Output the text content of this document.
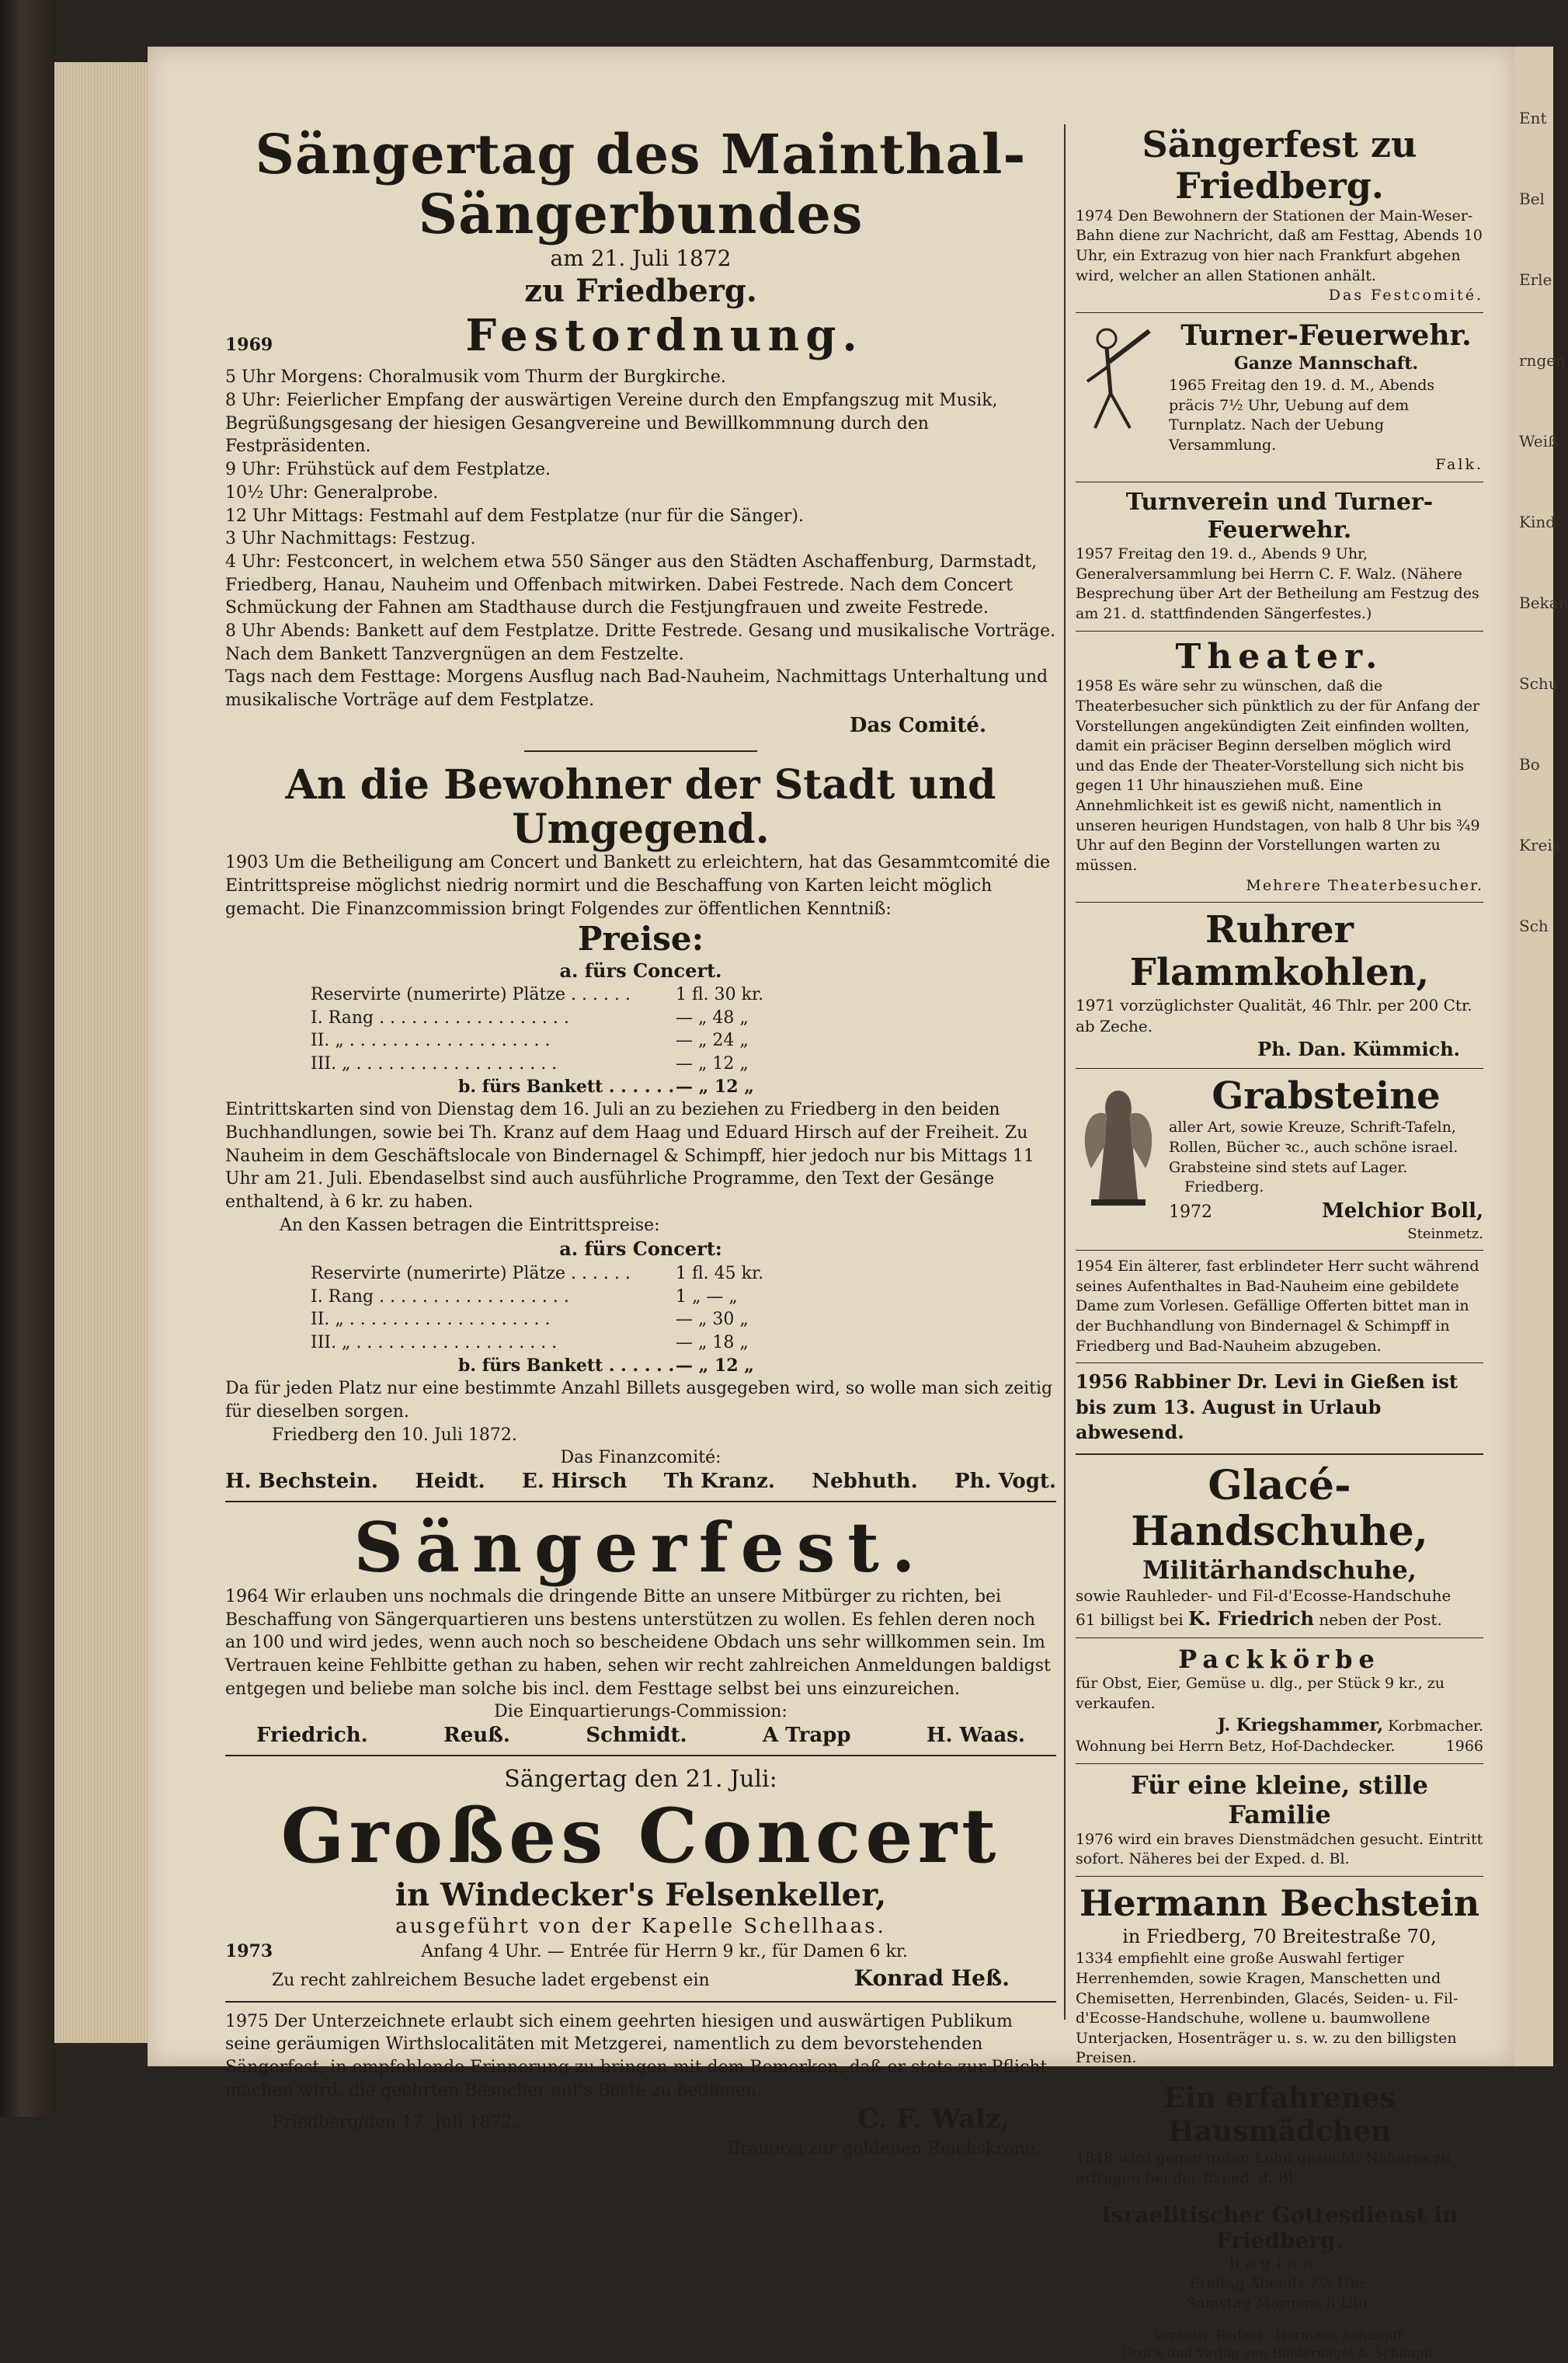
Sängertag des Mainthal-Sängerbundes
am 21. Juli 1872
zu Friedberg.
1969	Festordnung.

5 Uhr Morgens: Choralmusik vom Thurm der Burgkirche.

8 Uhr: Feierlicher Empfang der auswärtigen Vereine durch den Empfangszug mit Musik, Begrüßungsgesang der hiesigen Gesangvereine und Bewillkommnung durch den Festpräsidenten.

9 Uhr: Frühstück auf dem Festplatze.

10½ Uhr: Generalprobe.

12 Uhr Mittags: Festmahl auf dem Festplatze (nur für die Sänger).

3 Uhr Nachmittags: Festzug.

4 Uhr: Festconcert, in welchem etwa 550 Sänger aus den Städten Aschaffenburg, Darmstadt, Friedberg, Hanau, Nauheim und Offenbach mitwirken. Dabei Festrede. Nach dem Concert Schmückung der Fahnen am Stadthause durch die Festjungfrauen und zweite Festrede.

8 Uhr Abends: Bankett auf dem Festplatze. Dritte Festrede. Gesang und musikalische Vorträge. Nach dem Bankett Tanzvergnügen an dem Festzelte.

Tags nach dem Festtage: Morgens Ausflug nach Bad-Nauheim, Nachmittags Unterhaltung und musikalische Vorträge auf dem Festplatze.

Das Comité.
An die Bewohner der Stadt und Umgegend.

1903 Um die Betheiligung am Concert und Bankett zu erleichtern, hat das Gesammtcomité die Eintrittspreise möglichst niedrig normirt und die Beschaffung von Karten leicht möglich gemacht. Die Finanzcommission bringt Folgendes zur öffentlichen Kenntniß:

Preise:
a. fürs Concert.
Reservirte (numerirte) Plätze . . . . . .	1 fl. 30 kr.
I. Rang . . . . . . . . . . . . . . . . . .	— „ 48 „
II. „ . . . . . . . . . . . . . . . . . . .	— „ 24 „
III. „ . . . . . . . . . . . . . . . . . . .	— „ 12 „
b. fürs Bankett . . . . . . — „ 12 „

Eintrittskarten sind von Dienstag dem 16. Juli an zu beziehen zu Friedberg in den beiden Buchhandlungen, sowie bei Th. Kranz auf dem Haag und Eduard Hirsch auf der Freiheit. Zu Nauheim in dem Geschäftslocale von Bindernagel & Schimpff, hier jedoch nur bis Mittags 11 Uhr am 21. Juli. Ebendaselbst sind auch ausführliche Programme, den Text der Gesänge enthaltend, à 6 kr. zu haben.

An den Kassen betragen die Eintrittspreise:

a. fürs Concert:
Reservirte (numerirte) Plätze . . . . . .	1 fl. 45 kr.
I. Rang . . . . . . . . . . . . . . . . . .	1 „ — „
II. „ . . . . . . . . . . . . . . . . . . .	— „ 30 „
III. „ . . . . . . . . . . . . . . . . . . .	— „ 18 „
b. fürs Bankett . . . . . . — „ 12 „

Da für jeden Platz nur eine bestimmte Anzahl Billets ausgegeben wird, so wolle man sich zeitig für dieselben sorgen.

Friedberg den 10. Juli 1872.

Das Finanzcomité:
H. Bechstein. Heidt. E. Hirsch Th Kranz. Nebhuth. Ph. Vogt.
Sängerfest.

1964 Wir erlauben uns nochmals die dringende Bitte an unsere Mitbürger zu richten, bei Beschaffung von Sängerquartieren uns bestens unterstützen zu wollen. Es fehlen deren noch an 100 und wird jedes, wenn auch noch so bescheidene Obdach uns sehr willkommen sein. Im Vertrauen keine Fehlbitte gethan zu haben, sehen wir recht zahlreichen Anmeldungen baldigst entgegen und beliebe man solche bis incl. dem Festtage selbst bei uns einzureichen.

Die Einquartierungs-Commission:
Friedrich.	Reuß.	Schmidt.	A Trapp	H. Waas.
Sängertag den 21. Juli:
Großes Concert
in Windecker's Felsenkeller,
ausgeführt von der Kapelle Schellhaas.
1973	Anfang 4 Uhr. — Entrée für Herrn 9 kr., für Damen 6 kr.
Zu recht zahlreichem Besuche ladet ergebenst ein	Konrad Heß.

1975 Der Unterzeichnete erlaubt sich einem geehrten hiesigen und auswärtigen Publikum seine geräumigen Wirthslocalitäten mit Metzgerei, namentlich zu dem bevorstehenden Sängerfest, in empfehlende Erinnerung zu bringen mit dem Bemerken, daß er stets zur Pflicht machen wird, die geehrten Besucher auf's Beste zu bedienen.

Friedberg/den 17. Juli 1872.	C. F. Walz,
Brauerei zur goldenen Reichskrone.
Sängerfest zu Friedberg.

1974 Den Bewohnern der Stationen der Main-Weser-Bahn diene zur Nachricht, daß am Festtag, Abends 10 Uhr, ein Extrazug von hier nach Frankfurt abgehen wird, welcher an allen Stationen anhält.

Das Festcomité.
Turner-Feuerwehr.
Ganze Mannschaft.

1965 Freitag den 19. d. M., Abends präcis 7½ Uhr, Uebung auf dem Turnplatz. Nach der Uebung Versammlung.

Falk.
Turnverein und Turner-Feuerwehr.

1957 Freitag den 19. d., Abends 9 Uhr, Generalversammlung bei Herrn C. F. Walz. (Nähere Besprechung über Art der Betheilung am Festzug des am 21. d. stattfindenden Sängerfestes.)

Theater.

1958 Es wäre sehr zu wünschen, daß die Theaterbesucher sich pünktlich zu der für Anfang der Vorstellungen angekündigten Zeit einfinden wollten, damit ein präciser Beginn derselben möglich wird und das Ende der Theater-Vorstellung sich nicht bis gegen 11 Uhr hinausziehen muß. Eine Annehmlichkeit ist es gewiß nicht, namentlich in unseren heurigen Hundstagen, von halb 8 Uhr bis ¾9 Uhr auf den Beginn der Vorstellungen warten zu müssen.

Mehrere Theaterbesucher.
Ruhrer Flammkohlen,

1971 vorzüglichster Qualität, 46 Thlr. per 200 Ctr. ab Zeche.

Ph. Dan. Kümmich.
Grabsteine

aller Art, sowie Kreuze, Schrift-Tafeln, Rollen, Bücher ꝛc., auch schöne israel. Grabsteine sind stets auf Lager.

Friedberg.

1972	Melchior Boll,
Steinmetz.

1954 Ein älterer, fast erblindeter Herr sucht während seines Aufenthaltes in Bad-Nauheim eine gebildete Dame zum Vorlesen. Gefällige Offerten bittet man in der Buchhandlung von Bindernagel & Schimpff in Friedberg und Bad-Nauheim abzugeben.

1956 Rabbiner Dr. Levi in Gießen ist bis zum 13. August in Urlaub abwesend.

Glacé-Handschuhe,
Militärhandschuhe,

sowie Rauhleder- und Fil-d'Ecosse-Handschuhe

61 billigst bei K. Friedrich neben der Post.
Packkörbe

für Obst, Eier, Gemüse u. dlg., per Stück 9 kr., zu verkaufen.

J. Kriegshammer, Korbmacher.
Wohnung bei Herrn Betz, Hof-Dachdecker.	1966
Für eine kleine, stille Familie

1976 wird ein braves Dienstmädchen gesucht. Eintritt sofort. Näheres bei der Exped. d. Bl.

Hermann Bechstein
in Friedberg, 70 Breitestraße 70,

1334 empfiehlt eine große Auswahl fertiger Herrenhemden, sowie Kragen, Manschetten und Chemisetten, Herrenbinden, Glacés, Seiden- u. Fil-d'Ecosse-Handschuhe, wollene u. baumwollene Unterjacken, Hosenträger u. s. w. zu den billigsten Preisen.

Ein erfahrenes Hausmädchen

1848 wird gegen guten Lohn gesucht. Näheres zu erfragen bei der Exped. d. Bl.

Israelitischer Gottesdienst in Friedberg.
Beginn:
Freitag Abends 7½ Uhr.
Samstag Morgens 8 Uhr.
Verantw. Redact.: Hermann Schimpff.
Druck und Verlag von Bindernagel & Schimpff.
Ent
Bel
Erle
rngen
Weiß
Kind
Bekan
Schu
Bo
Kreis
Sch
